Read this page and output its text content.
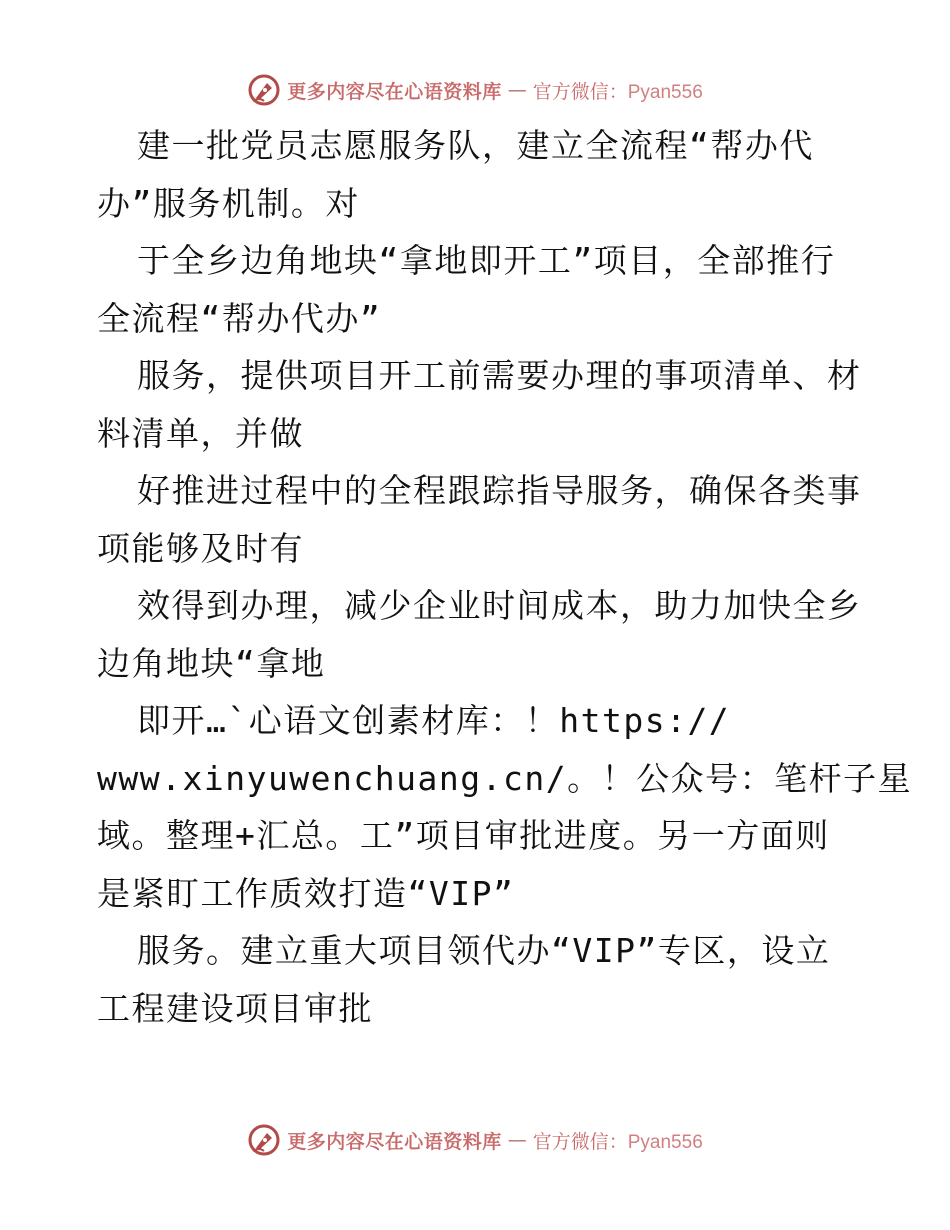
更多内容尽在心语资料库 — 官方微信：Pyan556
建一批党员志愿服务队，建立全流程“帮办代
办”服务机制。对
于全乡边角地块“拿地即开工”项目，全部推行
全流程“帮办代办”
服务，提供项目开工前需要办理的事项清单、材
料清单，并做
好推进过程中的全程跟踪指导服务，确保各类事
项能够及时有
效得到办理，减少企业时间成本，助力加快全乡
边角地块“拿地
即开…`心语文创素材库：！https://
www.xinyuwenchuang.cn/。！公众号：笔杆子星
域。整理+汇总。工”项目审批进度。另一方面则
是紧盯工作质效打造“VIP”
服务。建立重大项目领代办“VIP”专区，设立
工程建设项目审批
更多内容尽在心语资料库 — 官方微信：Pyan556
